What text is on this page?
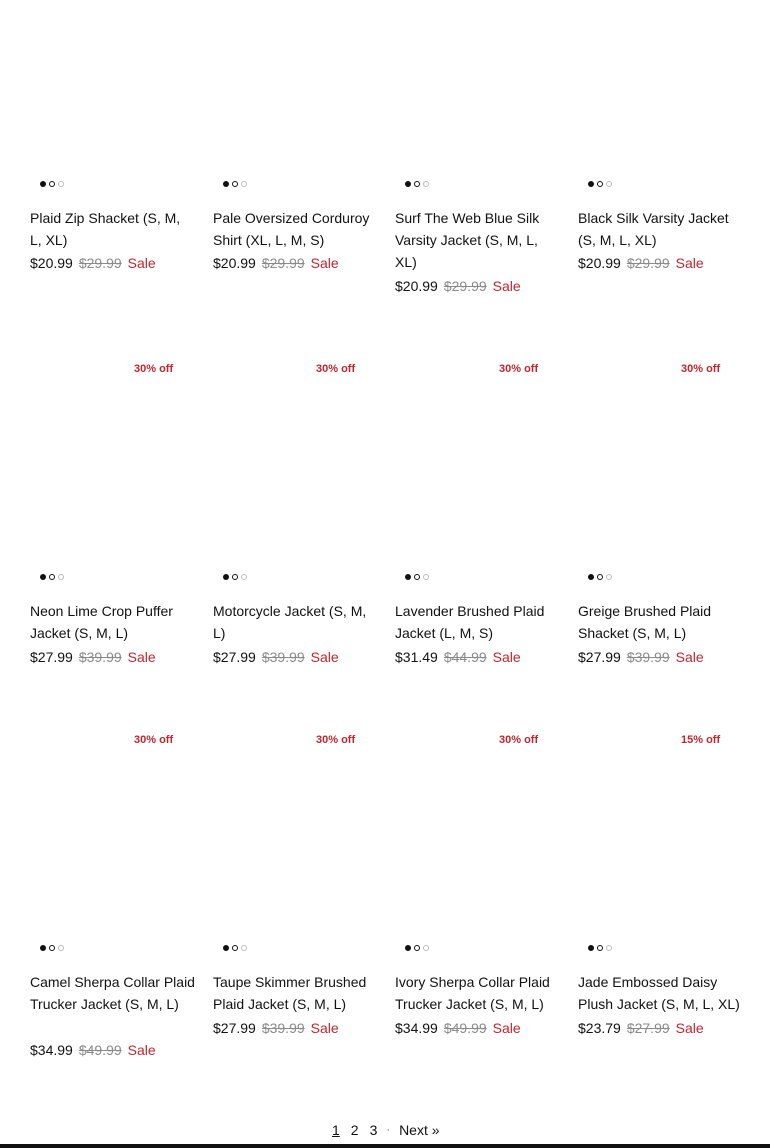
Plaid Zip Shacket (S, M, L, XL)
$20.99 $29.99 Sale
Pale Oversized Corduroy Shirt (XL, L, M, S)
$20.99 $29.99 Sale
Surf The Web Blue Silk Varsity Jacket (S, M, L, XL)
$20.99 $29.99 Sale
Black Silk Varsity Jacket (S, M, L, XL)
$20.99 $29.99 Sale
30% off
Neon Lime Crop Puffer Jacket (S, M, L)
$27.99 $39.99 Sale
30% off
Motorcycle Jacket (S, M, L)
$27.99 $39.99 Sale
30% off
Lavender Brushed Plaid Jacket (L, M, S)
$31.49 $44.99 Sale
30% off
Greige Brushed Plaid Shacket (S, M, L)
$27.99 $39.99 Sale
30% off
Camel Sherpa Collar Plaid Trucker Jacket (S, M, L)
$34.99 $49.99 Sale
30% off
Taupe Skimmer Brushed Plaid Jacket (S, M, L)
$27.99 $39.99 Sale
30% off
Ivory Sherpa Collar Plaid Trucker Jacket (S, M, L)
$34.99 $49.99 Sale
15% off
Jade Embossed Daisy Plush Jacket (S, M, L, XL)
$23.79 $27.99 Sale
1 2 3 · Next »
